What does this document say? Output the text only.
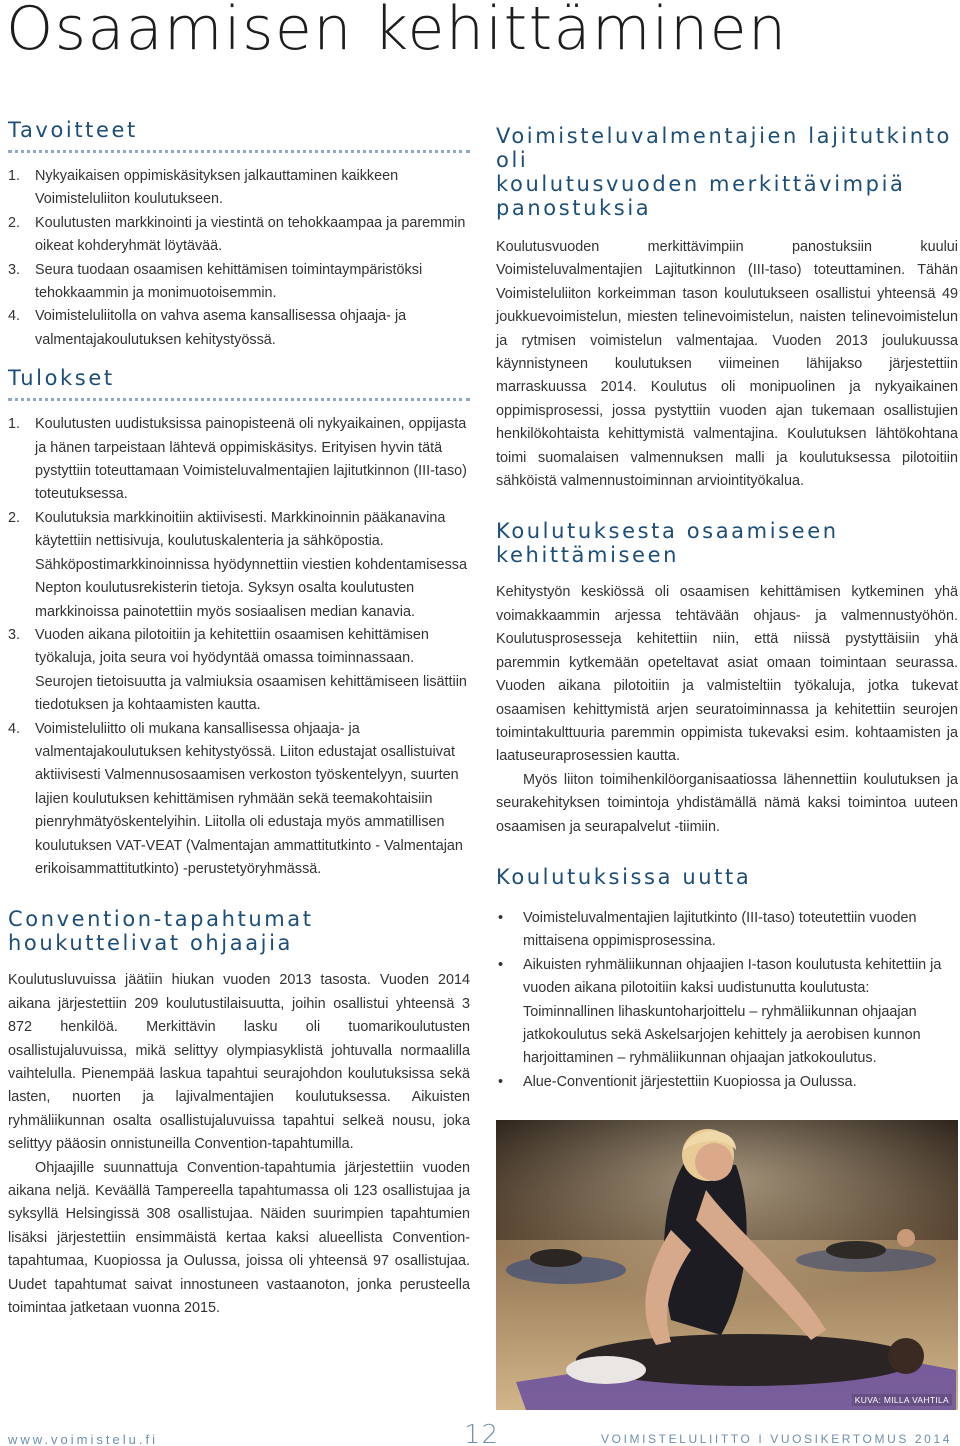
Osaamisen kehittäminen
Tavoitteet
1. Nykyaikaisen oppimiskäsityksen jalkauttaminen kaikkeen Voimisteluliiton koulutukseen.
2. Koulutusten markkinointi ja viestintä on tehokkaampaa ja paremmin oikeat kohderyhmät löytävää.
3. Seura tuodaan osaamisen kehittämisen toimintaympäristöksi tehokkaammin ja monimuotoisemmin.
4. Voimisteluliitolla on vahva asema kansallisessa ohjaaja- ja valmentajakoulutuksen kehitystyössä.
Tulokset
1. Koulutusten uudistuksissa painopisteenä oli nykyaikainen, oppijasta ja hänen tarpeistaan lähtevä oppimiskäsitys. Erityisen hyvin tätä pystyttiin toteuttamaan Voimisteluvalmentajien lajitutkinnon (III-taso) toteutuksessa.
2. Koulutuksia markkinoitiin aktiivisesti. Markkinoinnin pääkanavina käytettiin nettisivuja, koulutuskalenteria ja sähköpostia. Sähköpostimarkkinoinnissa hyödynnettiin viestien kohdentamisessa Nepton koulutusrekisterin tietoja. Syksyn osalta koulutusten markkinoissa painotettiin myös sosiaalisen median kanavia.
3. Vuoden aikana pilotoitiin ja kehitettiin osaamisen kehittämisen työkaluja, joita seura voi hyödyntää omassa toiminnassaan. Seurojen tietoisuutta ja valmiuksia osaamisen kehittämiseen lisättiin tiedotuksen ja kohtaamisten kautta.
4. Voimisteluliitto oli mukana kansallisessa ohjaaja- ja valmentajakoulutuksen kehitystyössä. Liiton edustajat osallistuivat aktiivisesti Valmennusosaamisen verkoston työskentelyyn, suurten lajien koulutuksen kehittämisen ryhmään sekä teemakohtaisiin pienryhmätyöskentelyihin. Liitolla oli edustaja myös ammatillisen koulutuksen VAT-VEAT (Valmentajan ammattitutkinto - Valmentajan erikoisammattitutkinto) -perustetyöryhmässä.
Convention-tapahtumat
houkuttelivat ohjaajia

Koulutusluvuissa jäätiin hiukan vuoden 2013 tasosta. Vuoden 2014 aikana järjestettiin 209 koulutustilaisuutta, joihin osallistui yhteensä 3 872 henkilöä. Merkittävin lasku oli tuomarikoulutusten osallistujaluvuissa, mikä selittyy olympiasyklistä johtuvalla normaalilla vaihtelulla. Pienempää laskua tapahtui seurajohdon koulutuksissa sekä lasten, nuorten ja lajivalmentajien koulutuksessa. Aikuisten ryhmäliikunnan osalta osallistujaluvuissa tapahtui selkeä nousu, joka selittyy pääosin onnistuneilla Convention-tapahtumilla.

Ohjaajille suunnattuja Convention-tapahtumia järjestettiin vuoden aikana neljä. Keväällä Tampereella tapahtumassa oli 123 osallistujaa ja syksyllä Helsingissä 308 osallistujaa. Näiden suurimpien tapahtumien lisäksi järjestettiin ensimmäistä kertaa kaksi alueellista Convention-tapahtumaa, Kuopiossa ja Oulussa, joissa oli yhteensä 97 osallistujaa. Uudet tapahtumat saivat innostuneen vastaanoton, jonka perusteella toimintaa jatketaan vuonna 2015.

Voimisteluvalmentajien lajitutkinto oli
koulutusvuoden merkittävimpiä
panostuksia

Koulutusvuoden merkittävimpiin panostuksiin kuului Voimisteluvalmentajien Lajitutkinnon (III-taso) toteuttaminen. Tähän Voimisteluliiton korkeimman tason koulutukseen osallistui yhteensä 49 joukkuevoimistelun, miesten telinevoimistelun, naisten telinevoimistelun ja rytmisen voimistelun valmentajaa. Vuoden 2013 joulukuussa käynnistyneen koulutuksen viimeinen lähijakso järjestettiin marraskuussa 2014. Koulutus oli monipuolinen ja nykyaikainen oppimisprosessi, jossa pystyttiin vuoden ajan tukemaan osallistujien henkilökohtaista kehittymistä valmentajina. Koulutuksen lähtökohtana toimi suomalaisen valmennuksen malli ja koulutuksessa pilotoitiin sähköistä valmennustoiminnan arviointityökalua.

Koulutuksesta osaamiseen
kehittämiseen

Kehitystyön keskiössä oli osaamisen kehittämisen kytkeminen yhä voimakkaammin arjessa tehtävään ohjaus- ja valmennustyöhön. Koulutusprosesseja kehitettiin niin, että niissä pystyttäisiin yhä paremmin kytkemään opeteltavat asiat omaan toimintaan seurassa. Vuoden aikana pilotoitiin ja valmisteltiin työkaluja, jotka tukevat osaamisen kehittymistä arjen seuratoiminnassa ja kehitettiin seurojen toimintakulttuuria paremmin oppimista tukevaksi esim. kohtaamisten ja laatuseuraprosessien kautta.

Myös liiton toimihenkilöorganisaatiossa lähennettiin koulutuksen ja seurakehityksen toimintoja yhdistämällä nämä kaksi toimintoa uuteen osaamisen ja seurapalvelut -tiimiin.

Koulutuksissa uutta
• Voimisteluvalmentajien lajitutkinto (III-taso) toteutettiin vuoden mittaisena oppimisprosessina.
• Aikuisten ryhmäliikunnan ohjaajien I-tason koulutusta kehitettiin ja vuoden aikana pilotoitiin kaksi uudistunutta koulutusta: Toiminnallinen lihaskuntoharjoittelu – ryhmäliikunnan ohjaajan jatkokoulutus sekä Askelsarjojen kehittely ja aerobisen kunnon harjoittaminen – ryhmäliikunnan ohjaajan jatkokoulutus.
• Alue-Conventionit järjestettiin Kuopiossa ja Oulussa.
KUVA: MILLA VAHTILA
www.voimistelu.fi	12	VOIMISTELULIITTO I VUOSIKERTOMUS 2014
